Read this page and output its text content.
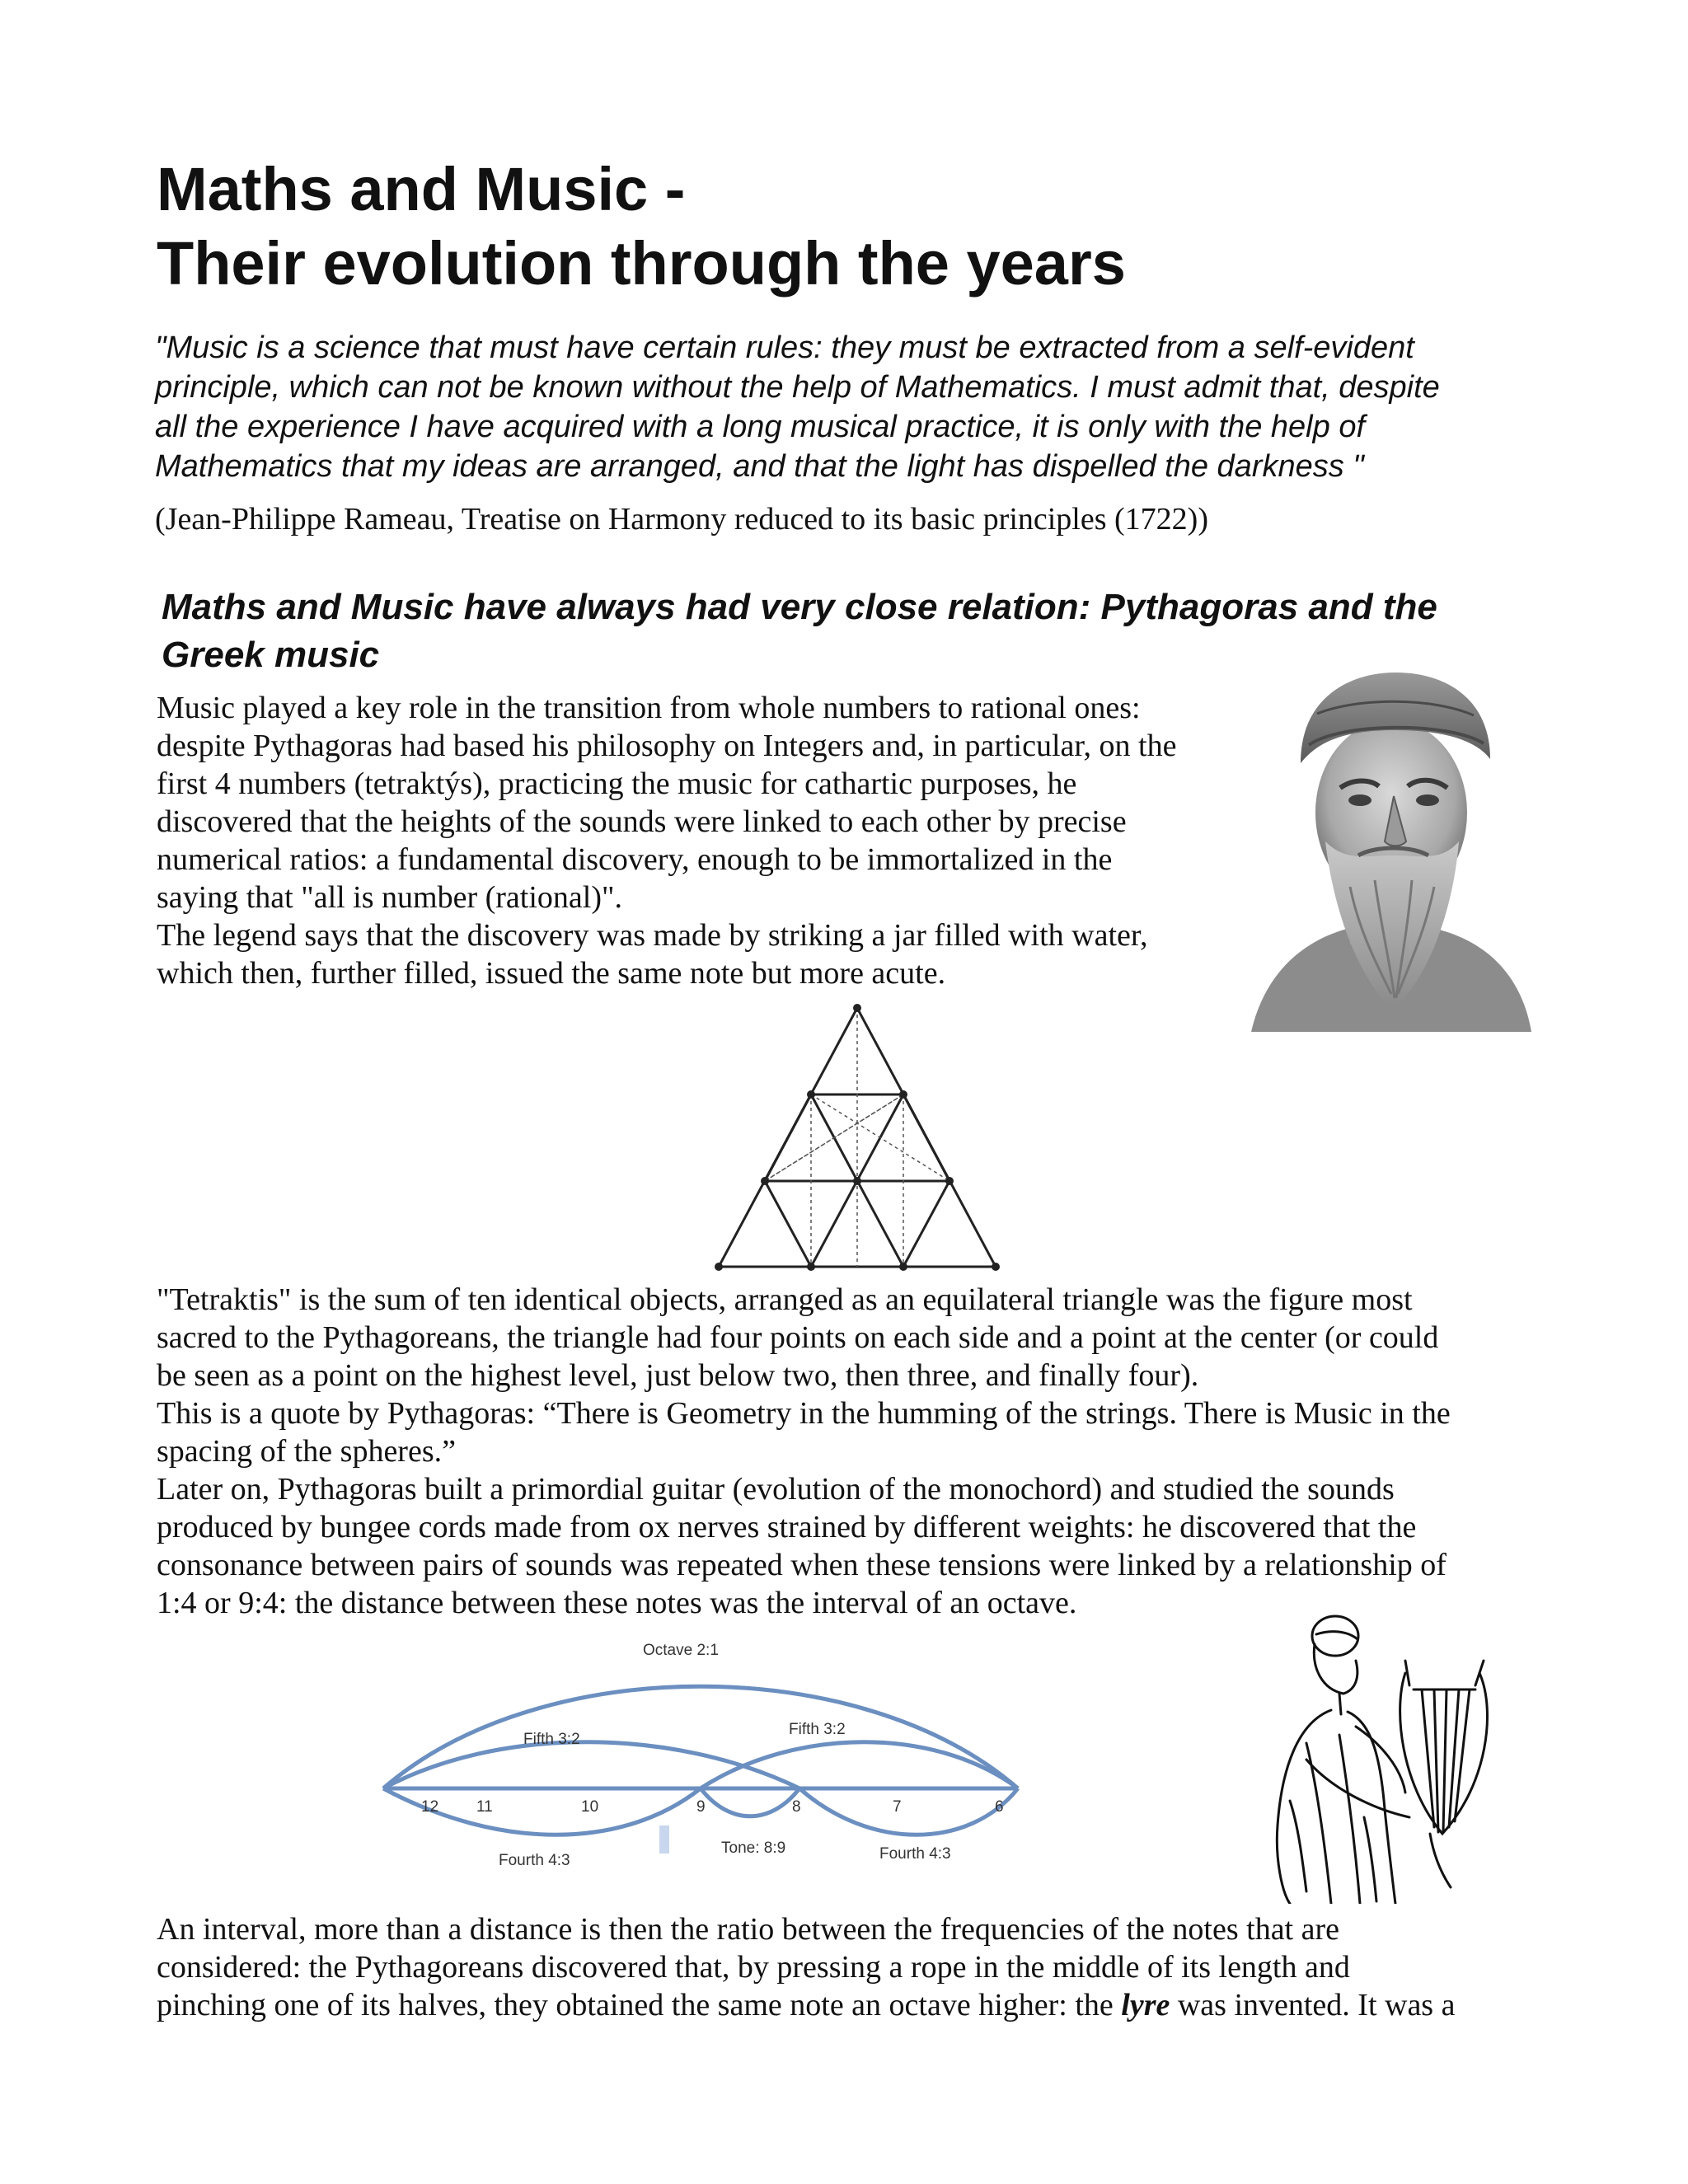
Maths and Music -
Their evolution through the years
"Music is a science that must have certain rules: they must be extracted from a self-evident
principle, which can not be known without the help of Mathematics. I must admit that, despite
all the experience I have acquired with a long musical practice, it is only with the help of
Mathematics that my ideas are arranged, and that the light has dispelled the darkness "
(Jean-Philippe Rameau, Treatise on Harmony reduced to its basic principles (1722))
Maths and Music have always had very close relation: Pythagoras and the
Greek music
Music played a key role in the transition from whole numbers to rational ones:
despite Pythagoras had based his philosophy on Integers and, in particular, on the
first 4 numbers (tetraktýs), practicing the music for cathartic purposes, he
discovered that the heights of the sounds were linked to each other by precise
numerical ratios: a fundamental discovery, enough to be immortalized in the
saying that "all is number (rational)".
The legend says that the discovery was made by striking a jar filled with water,
which then, further filled, issued the same note but more acute.
"Tetraktis" is the sum of ten identical objects, arranged as an equilateral triangle was the figure most
sacred to the Pythagoreans, the triangle had four points on each side and a point at the center (or could
be seen as a point on the highest level, just below two, then three, and finally four).
This is a quote by Pythagoras: “There is Geometry in the humming of the strings. There is Music in the
spacing of the spheres.”
Later on, Pythagoras built a primordial guitar (evolution of the monochord) and studied the sounds
produced by bungee cords made from ox nerves strained by different weights: he discovered that the
consonance between pairs of sounds was repeated when these tensions were linked by a relationship of
1:4 or 9:4: the distance between these notes was the interval of an octave.
Octave 2:1
Fifth 3:2
Fifth 3:2
Fourth 4:3	Fourth 4:3
Tone: 8:9
12 11	10	9	8	7	6
An interval, more than a distance is then the ratio between the frequencies of the notes that are
considered: the Pythagoreans discovered that, by pressing a rope in the middle of its length and
pinching one of its halves, they obtained the same note an octave higher: the lyre was invented. It was a
